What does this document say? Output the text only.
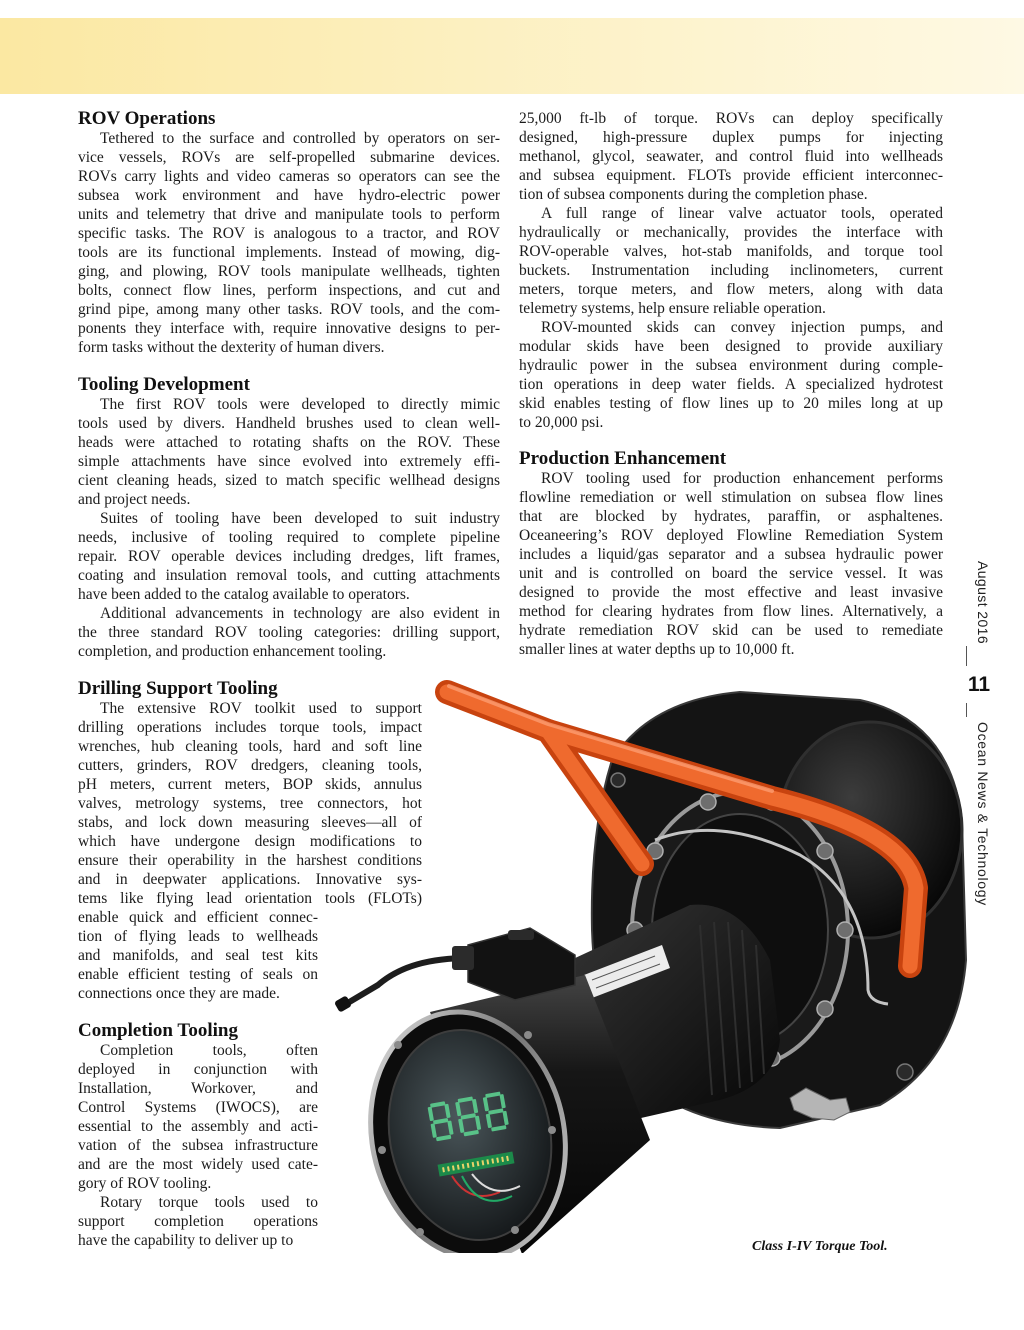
ROV Operations
Tethered to the surface and controlled by operators on ser-
vice vessels, ROVs are self-propelled submarine devices.
ROVs carry lights and video cameras so operators can see the
subsea work environment and have hydro-electric power
units and telemetry that drive and manipulate tools to perform
specific tasks. The ROV is analogous to a tractor, and ROV
tools are its functional implements. Instead of mowing, dig-
ging, and plowing, ROV tools manipulate wellheads, tighten
bolts, connect flow lines, perform inspections, and cut and
grind pipe, among many other tasks. ROV tools, and the com-
ponents they interface with, require innovative designs to per-
form tasks without the dexterity of human divers.
Tooling Development
The first ROV tools were developed to directly mimic
tools used by divers. Handheld brushes used to clean well-
heads were attached to rotating shafts on the ROV. These
simple attachments have since evolved into extremely effi-
cient cleaning heads, sized to match specific wellhead designs
and project needs.
Suites of tooling have been developed to suit industry
needs, inclusive of tooling required to complete pipeline
repair. ROV operable devices including dredges, lift frames,
coating and insulation removal tools, and cutting attachments
have been added to the catalog available to operators.
Additional advancements in technology are also evident in
the three standard ROV tooling categories: drilling support,
completion, and production enhancement tooling.
Drilling Support Tooling
The extensive ROV toolkit used to support
drilling operations includes torque tools, impact
wrenches, hub cleaning tools, hard and soft line
cutters, grinders, ROV dredgers, cleaning tools,
pH meters, current meters, BOP skids, annulus
valves, metrology systems, tree connectors, hot
stabs, and lock down measuring sleeves—all of
which have undergone design modifications to
ensure their operability in the harshest conditions
and in deepwater applications. Innovative sys-
tems like flying lead orientation tools (FLOTs)
enable quick and efficient connec-
tion of flying leads to wellheads
and manifolds, and seal test kits
enable efficient testing of seals on
connections once they are made.
Completion Tooling
Completion tools, often
deployed in conjunction with
Installation, Workover, and
Control Systems (IWOCS), are
essential to the assembly and acti-
vation of the subsea infrastructure
and are the most widely used cate-
gory of ROV tooling.
Rotary torque tools used to
support completion operations
have the capability to deliver up to
25,000 ft-lb of torque. ROVs can deploy specifically
designed, high-pressure duplex pumps for injecting
methanol, glycol, seawater, and control fluid into wellheads
and subsea equipment. FLOTs provide efficient interconnec-
tion of subsea components during the completion phase.
A full range of linear valve actuator tools, operated
hydraulically or mechanically, provides the interface with
ROV-operable valves, hot-stab manifolds, and torque tool
buckets. Instrumentation including inclinometers, current
meters, torque meters, and flow meters, along with data
telemetry systems, help ensure reliable operation.
ROV-mounted skids can convey injection pumps, and
modular skids have been designed to provide auxiliary
hydraulic power in the subsea environment during comple-
tion operations in deep water fields. A specialized hydrotest
skid enables testing of flow lines up to 20 miles long at up
to 20,000 psi.
Production Enhancement
ROV tooling used for production enhancement performs
flowline remediation or well stimulation on subsea flow lines
that are blocked by hydrates, paraffin, or asphaltenes.
Oceaneering’s ROV deployed Flowline Remediation System
includes a liquid/gas separator and a subsea hydraulic power
unit and is controlled on board the service vessel. It was
designed to provide the most effective and least invasive
method for clearing hydrates from flow lines. Alternatively, a
hydrate remediation ROV skid can be used to remediate
smaller lines at water depths up to 10,000 ft.
Class I-IV Torque Tool.
August 2016
11
Ocean News & Technology
